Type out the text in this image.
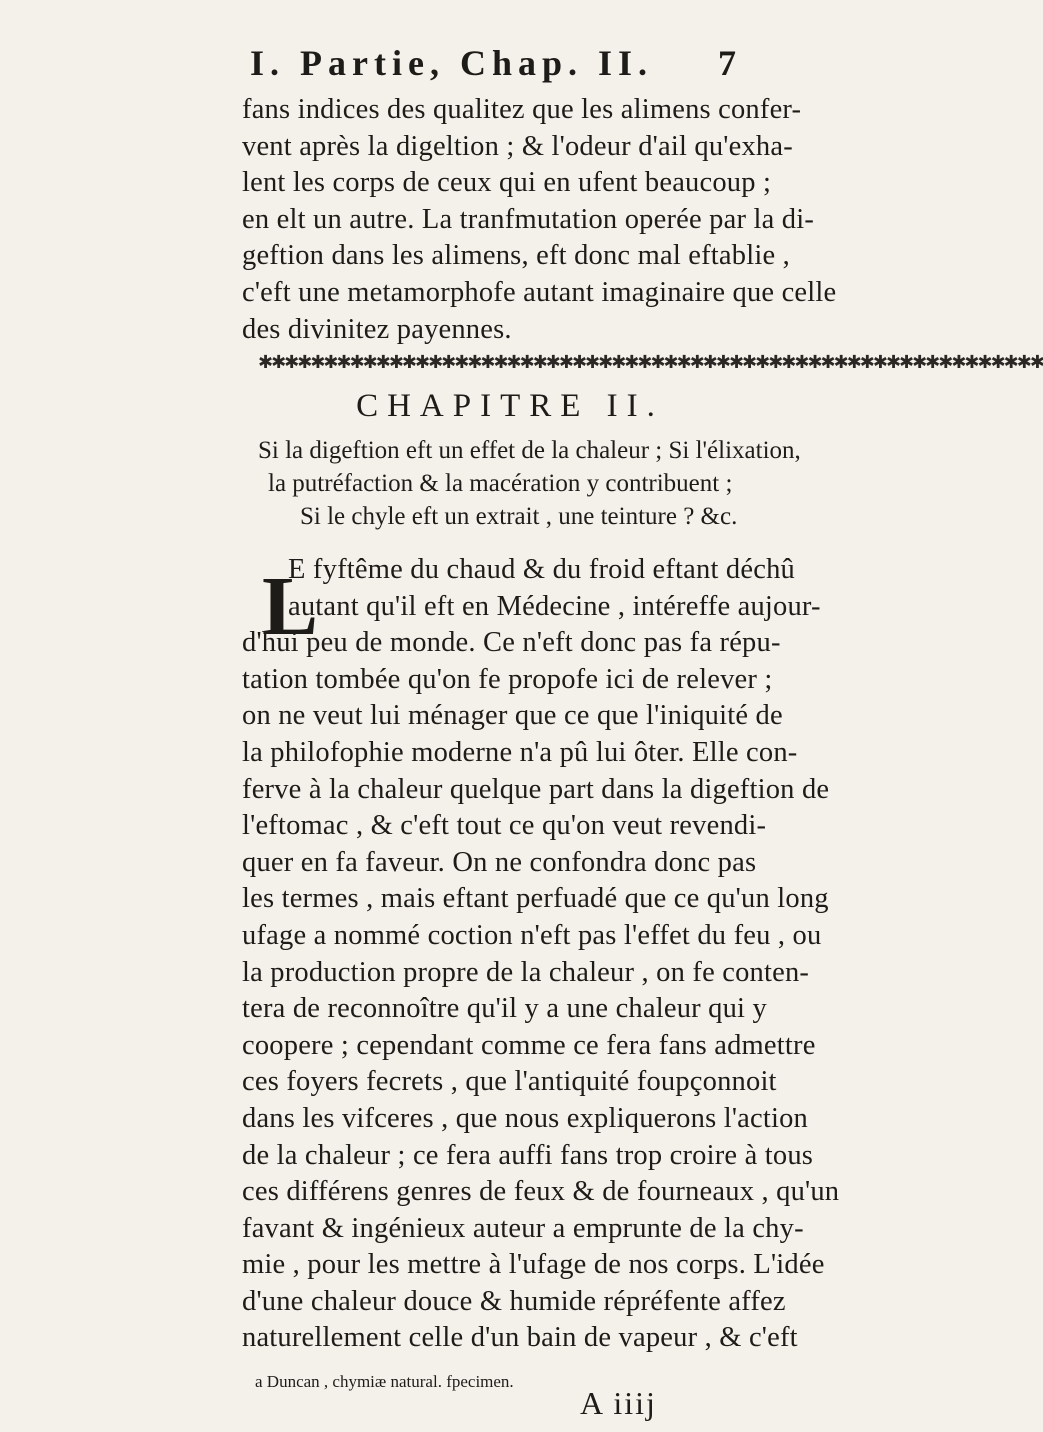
I. Partie, Chap. II.	7
fans indices des qualitez que les alimens confer-
vent après la digeltion ; & l'odeur d'ail qu'exha-
lent les corps de ceux qui en ufent beaucoup ;
en elt un autre. La tranfmutation operée par la di-
geftion dans les alimens, eft donc mal eftablie ,
c'eft une metamorphofe autant imaginaire que celle
des divinitez payennes.
✱✱✱✱✱✱✱✱✱✱✱✱✱✱✱✱✱✱✱✱✱✱✱✱✱✱✱✱✱✱✱✱✱✱✱✱✱✱✱✱✱✱✱✱✱✱✱✱✱✱✱✱✱✱✱✱✱✱✱✱
CHAPITRE II.
Si la digeftion eft un effet de la chaleur ; Si l'élixation,
la putréfaction & la macération y contribuent ;
Si le chyle eft un extrait , une teinture ? &c.
L
E fyftême du chaud & du froid eftant déchû
autant qu'il eft en Médecine , intéreffe aujour-
d'hui peu de monde. Ce n'eft donc pas fa répu-
tation tombée qu'on fe propofe ici de relever ;
on ne veut lui ménager que ce que l'iniquité de
la philofophie moderne n'a pû lui ôter. Elle con-
ferve à la chaleur quelque part dans la digeftion de
l'eftomac , & c'eft tout ce qu'on veut revendi-
quer en fa faveur. On ne confondra donc pas
les termes , mais eftant perfuadé que ce qu'un long
ufage a nommé coction n'eft pas l'effet du feu , ou
la production propre de la chaleur , on fe conten-
tera de reconnoître qu'il y a une chaleur qui y
coopere ; cependant comme ce fera fans admettre
ces foyers fecrets , que l'antiquité foupçonnoit
dans les vifceres , que nous expliquerons l'action
de la chaleur ; ce fera auffi fans trop croire à tous
ces différens genres de feux & de fourneaux , qu'un
favant & ingénieux auteur a emprunte de la chy-
mie , pour les mettre à l'ufage de nos corps. L'idée
d'une chaleur douce & humide répréfente affez
naturellement celle d'un bain de vapeur , & c'eft
a Duncan , chymiæ natural. fpecimen.
A iiij
